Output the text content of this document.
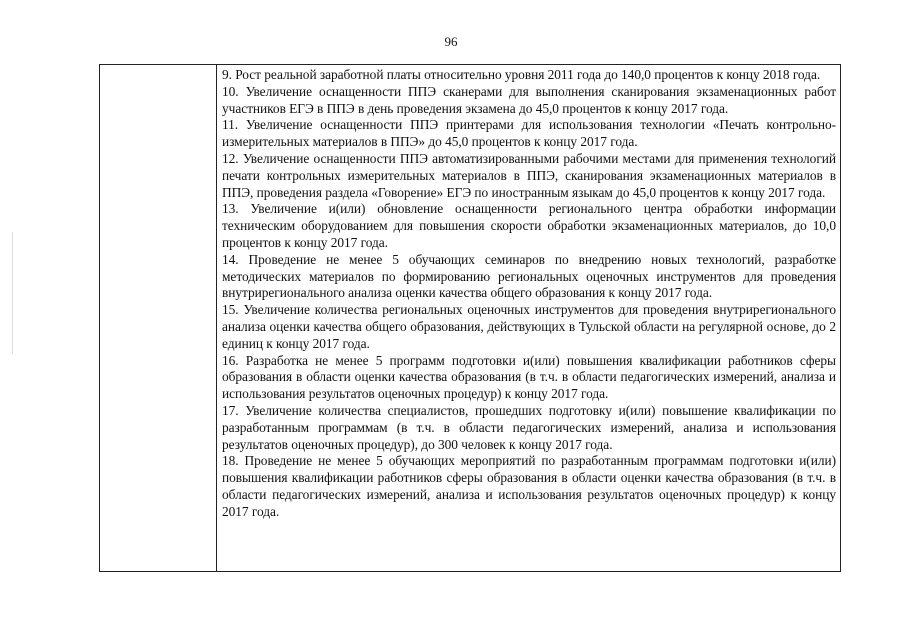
96

9. Рост реальной заработной платы относительно уровня 2011 года до 140,0 процентов к концу 2018 года.

10. Увеличение оснащенности ППЭ сканерами для выполнения сканирования экзаменационных работ участников ЕГЭ в ППЭ в день проведения экзамена до 45,0 процентов к концу 2017 года.

11. Увеличение оснащенности ППЭ принтерами для использования технологии «Печать контрольно-измерительных материалов в ППЭ» до 45,0 процентов к концу 2017 года.

12. Увеличение оснащенности ППЭ автоматизированными рабочими местами для применения технологий печати контрольных измерительных материалов в ППЭ, сканирования экзаменационных материалов в ППЭ, проведения раздела «Говорение» ЕГЭ по иностранным языкам до 45,0 процентов к концу 2017 года.

13. Увеличение и(или) обновление оснащенности регионального центра обработки информации техническим оборудованием для повышения скорости обработки экзаменационных материалов, до 10,0 процентов к концу 2017 года.

14. Проведение не менее 5 обучающих семинаров по внедрению новых технологий, разработке методических материалов по формированию региональных оценочных инструментов для проведения внутрирегионального анализа оценки качества общего образования к концу 2017 года.

15. Увеличение количества региональных оценочных инструментов для проведения внутрирегионального анализа оценки качества общего образования, действующих в Тульской области на регулярной основе, до 2 единиц к концу 2017 года.

16. Разработка не менее 5 программ подготовки и(или) повышения квалификации работников сферы образования в области оценки качества образования (в т.ч. в области педагогических измерений, анализа и использования результатов оценочных процедур) к концу 2017 года.

17. Увеличение количества специалистов, прошедших подготовку и(или) повышение квалификации по разработанным программам (в т.ч. в области педагогических измерений, анализа и использования результатов оценочных процедур), до 300 человек к концу 2017 года.

18. Проведение не менее 5 обучающих мероприятий по разработанным программам подготовки и(или) повышения квалификации работников сферы образования в области оценки качества образования (в т.ч. в области педагогических измерений, анализа и использования результатов оценочных процедур) к концу 2017 года.
